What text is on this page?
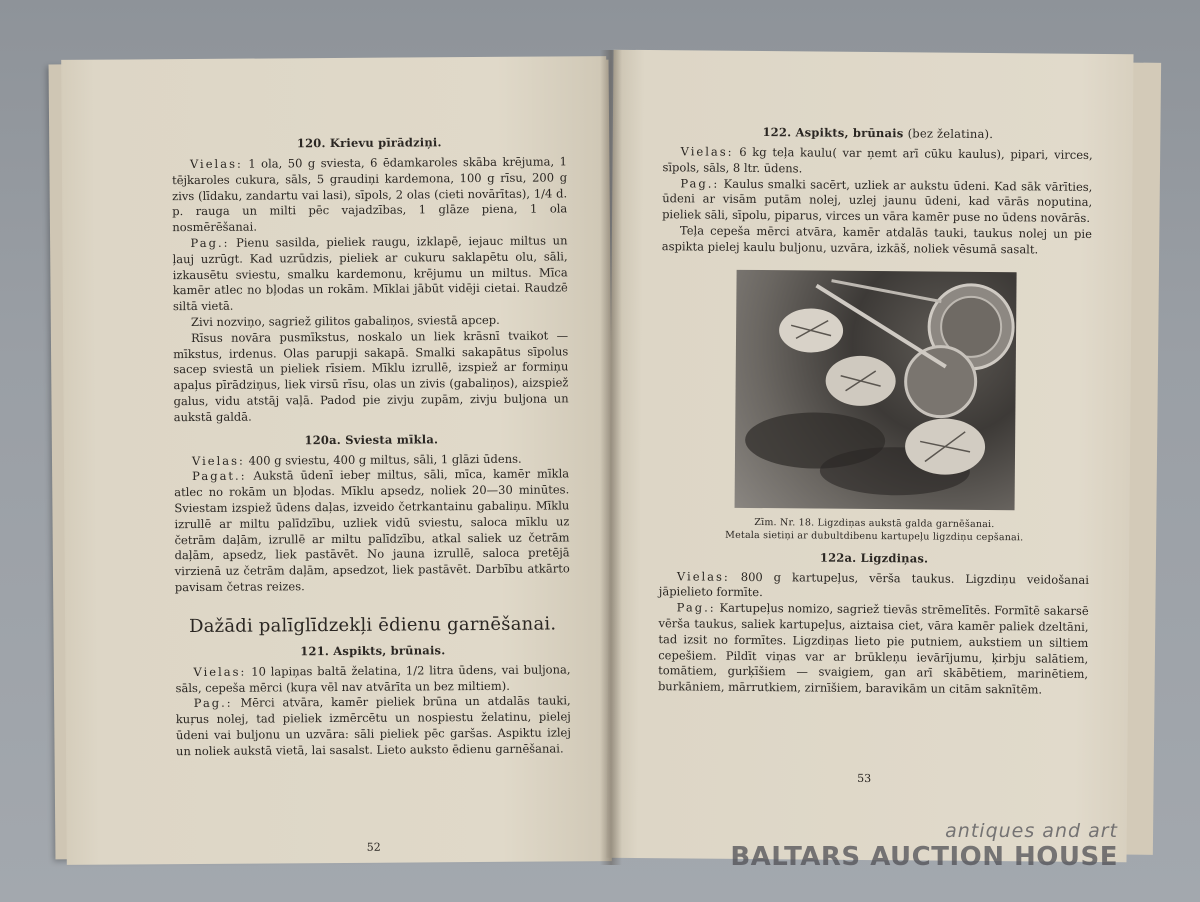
120. Krievu pīrādziņi.

Vielas: 1 ola, 50 g sviesta, 6 ēdamkaroles skāba krējuma, 1 tējkaroles cukura, sāls, 5 graudiņi kardemona, 100 g rīsu, 200 g zivs (līdaku, zandartu vai lasi), sīpols, 2 olas (cieti novārītas), 1/4 d. p. rauga un milti pēc vajadzības, 1 glāze piena, 1 ola nosmērēšanai.

Pag.: Pienu sasilda, pieliek raugu, izklapē, iejauc miltus un ļauj uzrūgt. Kad uzrūdzis, pieliek ar cukuru saklapētu olu, sāli, izkausētu sviestu, smalku kardemonu, krējumu un miltus. Mīca kamēr atlec no bļodas un rokām. Mīklai jābūt vidēji cietai. Raudzē siltā vietā.

Zivi nozviņo, sagriež gilitos gabaliņos, sviestā apcep.

Rīsus novāra pusmīkstus, noskalo un liek krāsnī tvaikot — mīkstus, irdenus. Olas parupji sakapā. Smalki sakapātus sīpolus sacep sviestā un pieliek rīsiem. Mīklu izrullē, izspiež ar formiņu apaļus pīrādziņus, liek virsū rīsu, olas un zivis (gabaliņos), aizspiež galus, vidu atstāj vaļā. Padod pie zivju zupām, zivju buljona un aukstā galdā.

120a. Sviesta mīkla.

Vielas: 400 g sviestu, 400 g miltus, sāli, 1 glāzi ūdens.

Pagat.: Aukstā ūdenī iebeŗ miltus, sāli, mīca, kamēr mīkla atlec no rokām un bļodas. Mīklu apsedz, noliek 20—30 minūtes. Sviestam izspiež ūdens daļas, izveido četrkantainu gabaliņu. Mīklu izrullē ar miltu palīdzību, uzliek vidū sviestu, saloca mīklu uz četrām daļām, izrullē ar miltu palīdzību, atkal saliek uz četrām daļām, apsedz, liek pastāvēt. No jauna izrullē, saloca pretējā virzienā uz četrām daļām, apsedzot, liek pastāvēt. Darbību atkārto pavisam četras reizes.

Dažādi palīglīdzekļi ēdienu garnēšanai.
121. Aspikts, brūnais.

Vielas: 10 lapiņas baltā želatina, 1/2 litra ūdens, vai buljona, sāls, cepeša mērci (kuŗa vēl nav atvārīta un bez miltiem).

Pag.: Mērci atvāra, kamēr pieliek brūna un atdalās tauki, kuŗus nolej, tad pieliek izmērcētu un nospiestu želatinu, pielej ūdeni vai buljonu un uzvāra: sāli pieliek pēc garšas. Aspiktu izlej un noliek aukstā vietā, lai sasalst. Lieto auksto ēdienu garnēšanai.

52
122. Aspikts, brūnais (bez želatina).

Vielas: 6 kg teļa kaulu( var ņemt arī cūku kaulus), pipari, virces, sīpols, sāls, 8 ltr. ūdens.

Pag.: Kaulus smalki sacērt, uzliek ar aukstu ūdeni. Kad sāk vārīties, ūdeni ar visām putām nolej, uzlej jaunu ūdeni, kad vārās noputina, pieliek sāli, sīpolu, piparus, virces un vāra kamēr puse no ūdens novārās.

Teļa cepeša mērci atvāra, kamēr atdalās tauki, taukus nolej un pie aspikta pielej kaulu buljonu, uzvāra, izkāš, noliek vēsumā sasalt.

Zīm. Nr. 18. Ligzdiņas aukstā galda garnēšanai.
Metala sietiņi ar dubultdibenu kartupeļu ligzdiņu cepšanai.
122a. Ligzdiņas.

Vielas: 800 g kartupeļus, vērša taukus. Ligzdiņu veidošanai jāpielieto formīte.

Pag.: Kartupeļus nomizo, sagriež tievās strēmelītēs. Formītē sakarsē vērša taukus, saliek kartupeļus, aiztaisa ciet, vāra kamēr paliek dzeltāni, tad izsit no formītes. Ligzdiņas lieto pie putniem, aukstiem un siltiem cepešiem. Pildīt viņas var ar brūkleņu ievārījumu, ķirbju salātiem, tomātiem, gurķīšiem — svaigiem, gan arī skābētiem, marinētiem, burkāniem, mārrutkiem, zirnīšiem, baravikām un citām saknītēm.

53
antiques and art
BALTARS AUCTION HOUSE
